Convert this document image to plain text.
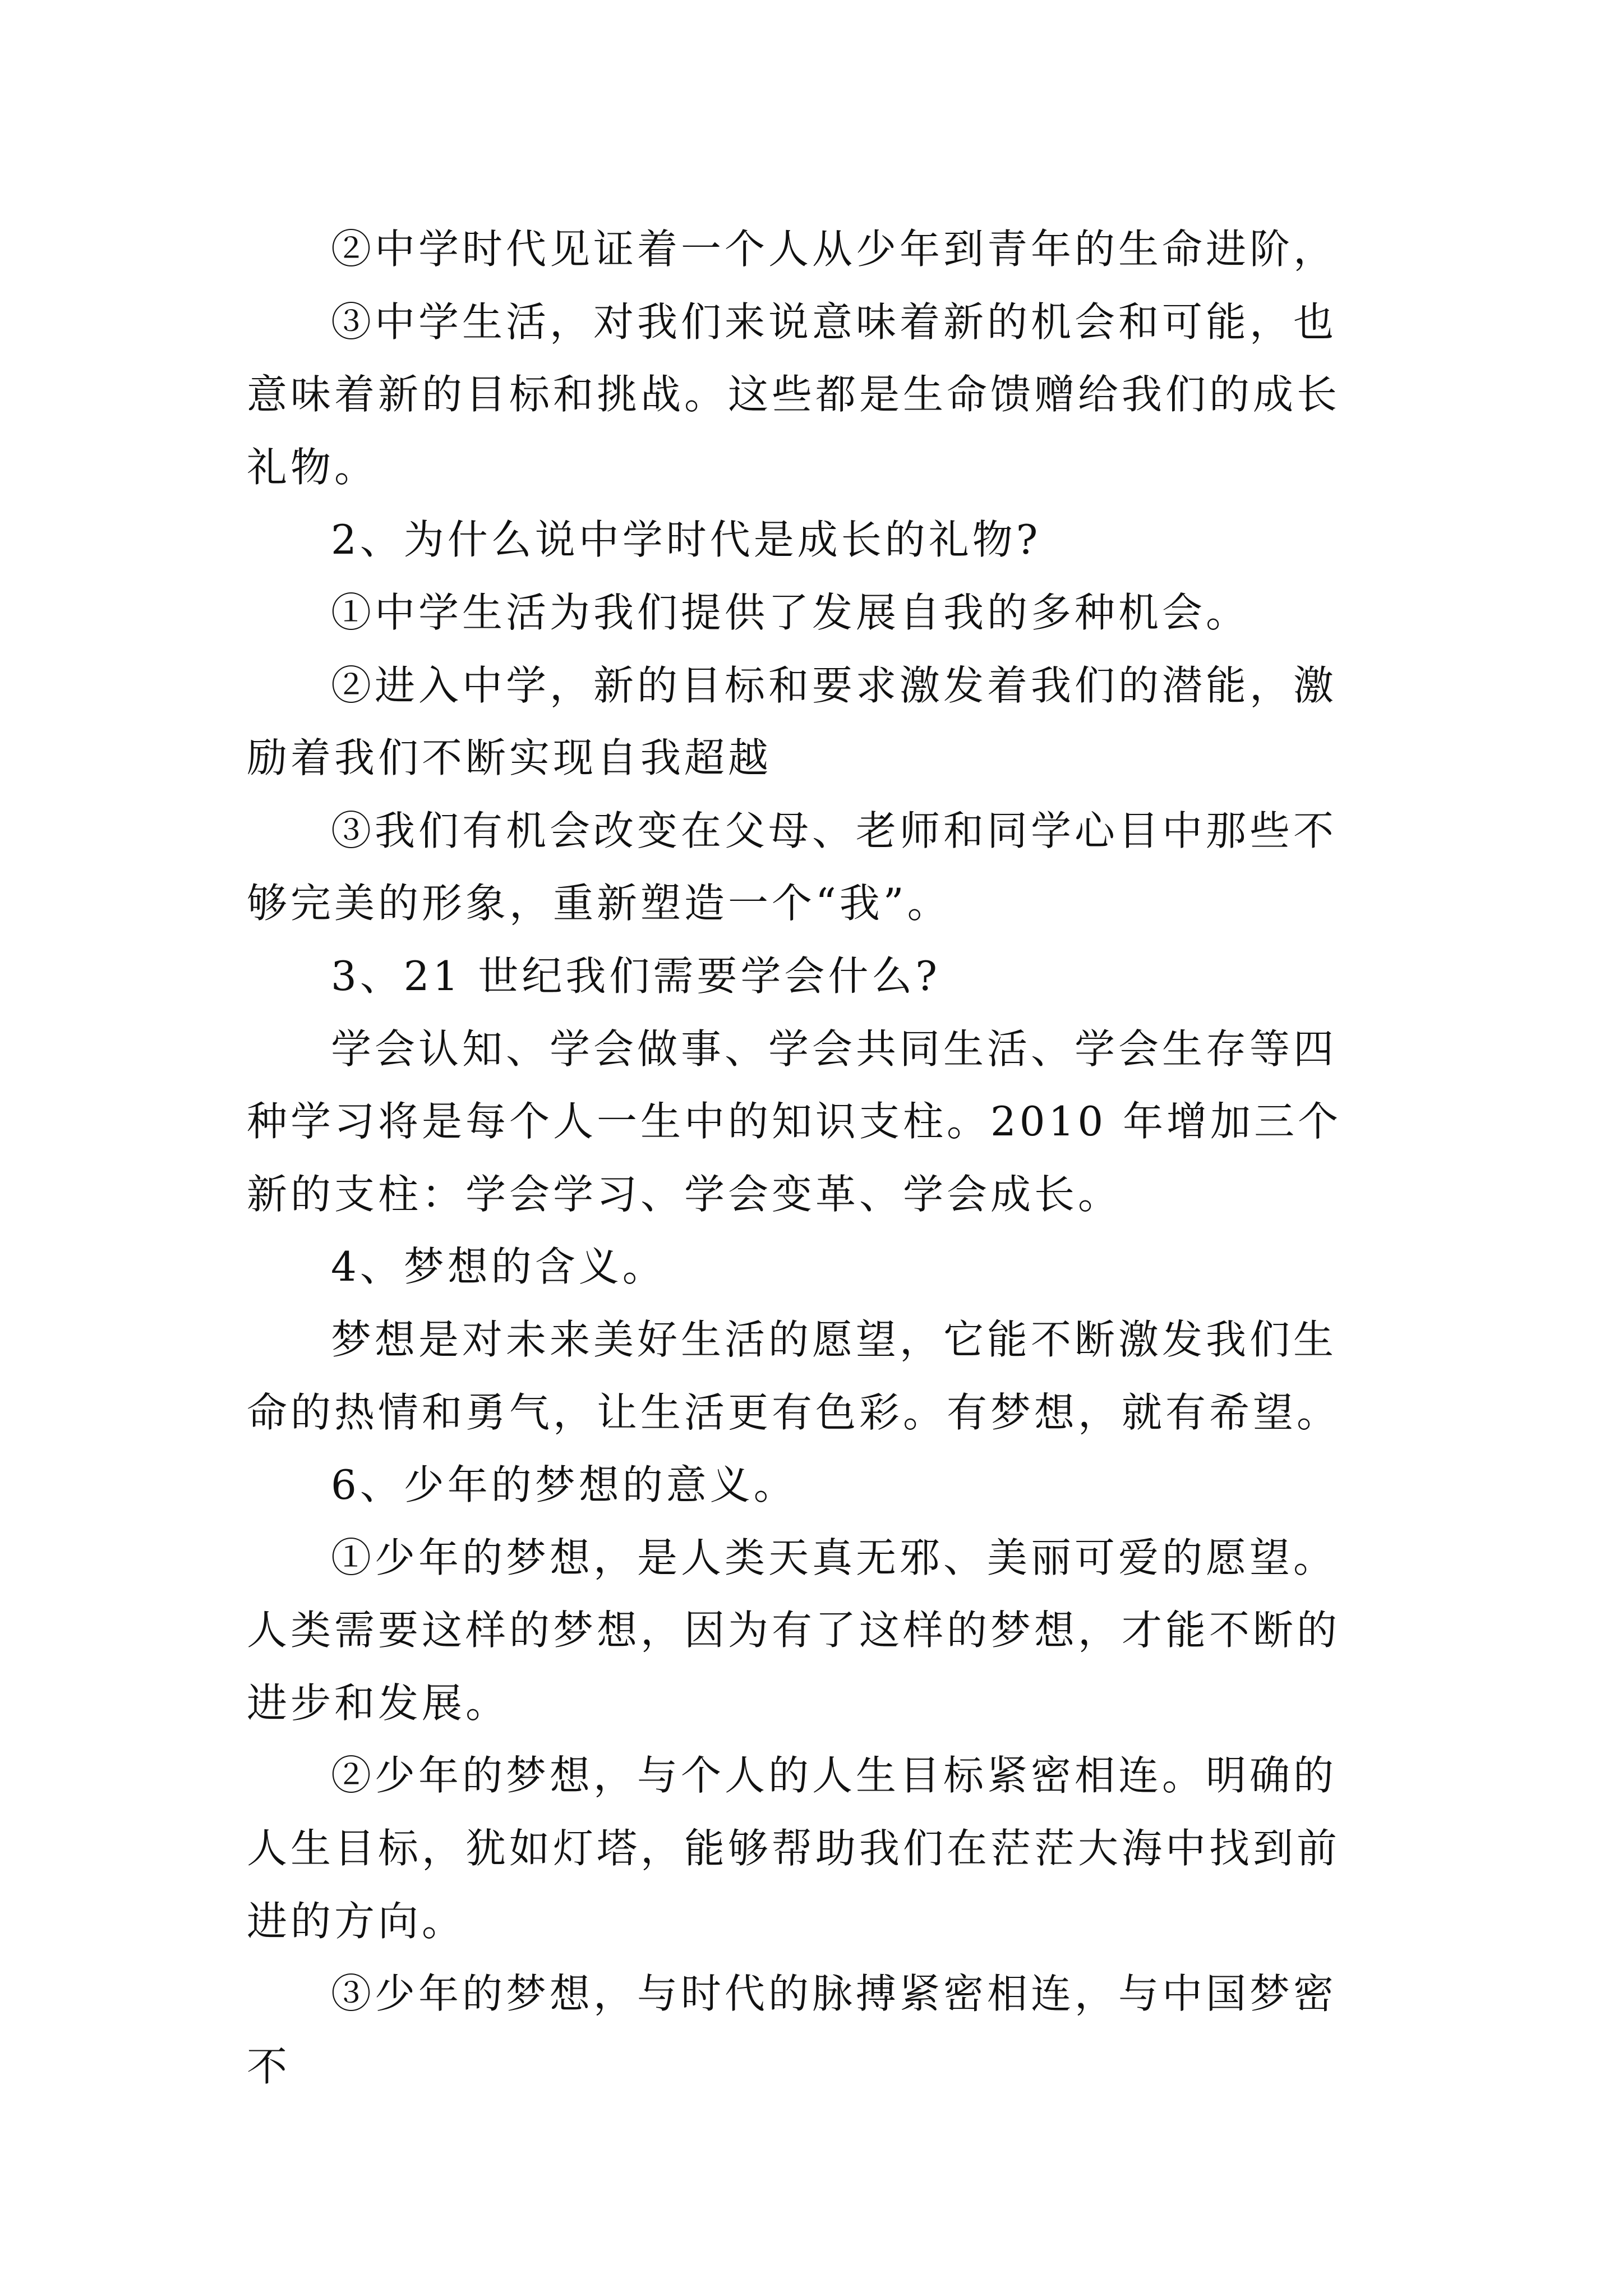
②中学时代见证着一个人从少年到青年的生命进阶，

③中学生活，对我们来说意味着新的机会和可能，也意味着新的目标和挑战。这些都是生命馈赠给我们的成长礼物。

2、为什么说中学时代是成长的礼物?

①中学生活为我们提供了发展自我的多种机会。

②进入中学，新的目标和要求激发着我们的潜能，激励着我们不断实现自我超越

③我们有机会改变在父母、老师和同学心目中那些不够完美的形象，重新塑造一个“我”。

3、21 世纪我们需要学会什么?

学会认知、学会做事、学会共同生活、学会生存等四种学习将是每个人一生中的知识支柱。2010 年增加三个新的支柱：学会学习、学会变革、学会成长。

4、梦想的含义。

梦想是对未来美好生活的愿望，它能不断激发我们生命的热情和勇气，让生活更有色彩。有梦想，就有希望。

6、少年的梦想的意义。

①少年的梦想，是人类天真无邪、美丽可爱的愿望。人类需要这样的梦想，因为有了这样的梦想，才能不断的进步和发展。

②少年的梦想，与个人的人生目标紧密相连。明确的人生目标，犹如灯塔，能够帮助我们在茫茫大海中找到前进的方向。

③少年的梦想，与时代的脉搏紧密相连，与中国梦密不
